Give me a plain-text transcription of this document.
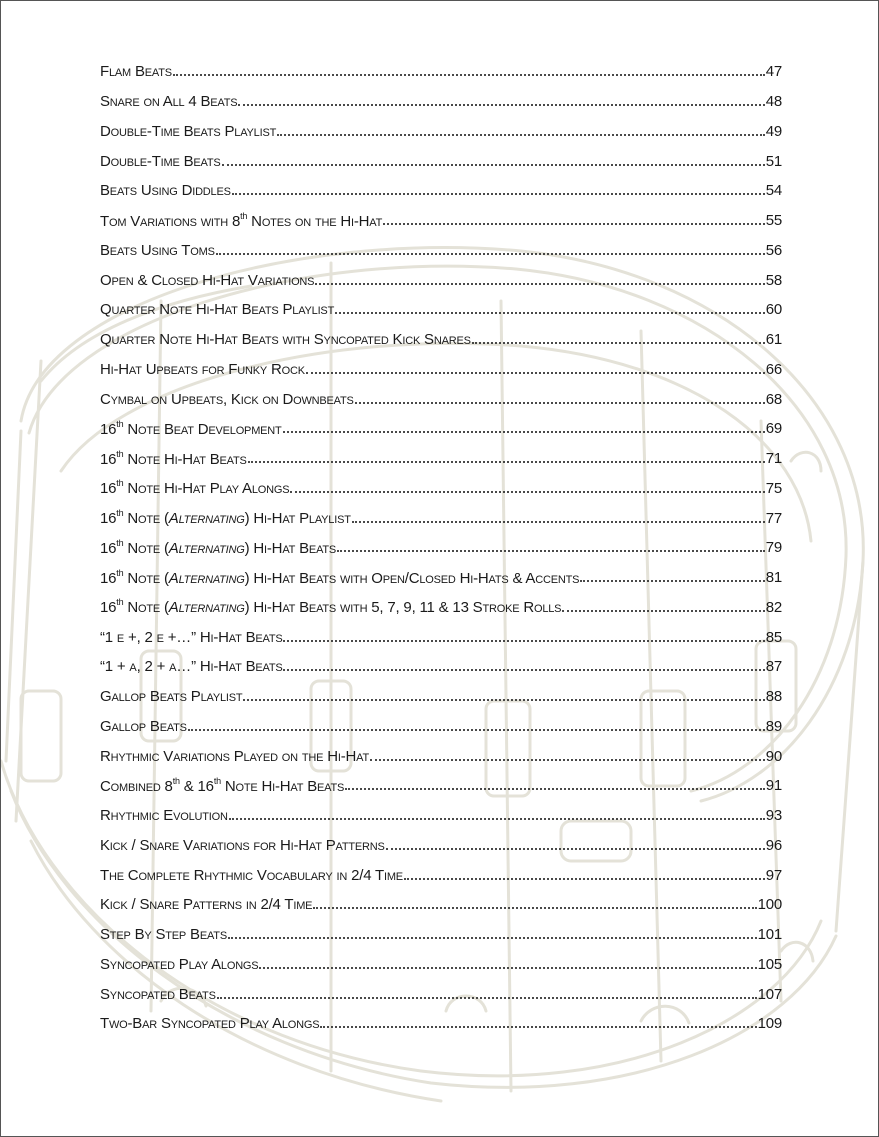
Flam Beats	47
Snare on All 4 Beats	48
Double-Time Beats Playlist	49
Double-Time Beats	51
Beats Using Diddles	54
Tom Variations with 8th Notes on the Hi-Hat	55
Beats Using Toms	56
Open & Closed Hi-Hat Variations	58
Quarter Note Hi-Hat Beats Playlist	60
Quarter Note Hi-Hat Beats with Syncopated Kick Snares	61
Hi-Hat Upbeats for Funky Rock	66
Cymbal on Upbeats, Kick on Downbeats	68
16th Note Beat Development	69
16th Note Hi-Hat Beats	71
16th Note Hi-Hat Play Alongs	75
16th Note (Alternating) Hi-Hat Playlist	77
16th Note (Alternating) Hi-Hat Beats	79
16th Note (Alternating) Hi-Hat Beats with Open/Closed Hi-Hats & Accents	81
16th Note (Alternating) Hi-Hat Beats with 5, 7, 9, 11 & 13 Stroke Rolls	82
“1 e +, 2 e +…” Hi-Hat Beats	85
“1 + a, 2 + a…” Hi-Hat Beats	87
Gallop Beats Playlist	88
Gallop Beats	89
Rhythmic Variations Played on the Hi-Hat	90
Combined 8th & 16th Note Hi-Hat Beats	91
Rhythmic Evolution	93
Kick / Snare Variations for Hi-Hat Patterns	96
The Complete Rhythmic Vocabulary in 2/4 Time	97
Kick / Snare Patterns in 2/4 Time	100
Step By Step Beats	101
Syncopated Play Alongs	105
Syncopated Beats	107
Two-Bar Syncopated Play Alongs	109
